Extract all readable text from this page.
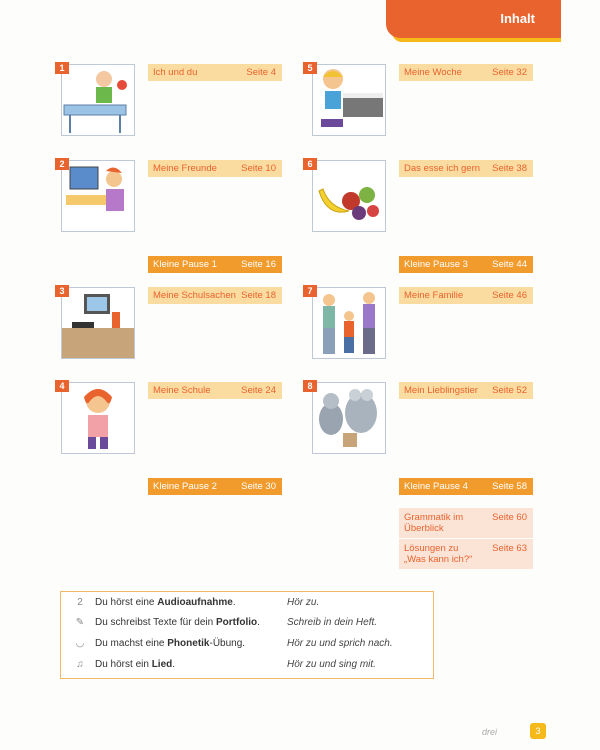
Inhalt
1	Ich und du	Seite 4
2	Meine Freunde	Seite 10
Kleine Pause 1	Seite 16
3	Meine Schulsachen Seite 18
4	Meine Schule	Seite 24
Kleine Pause 2	Seite 30
5	Meine Woche	Seite 32
6	Das esse ich gern Seite 38
Kleine Pause 3	Seite 44
7	Meine Familie	Seite 46
8	Mein Lieblingstier Seite 52
Kleine Pause 4	Seite 58
Grammatik im
Überblick
Seite 60
Lösungen zu
„Was kann ich?“
Seite 63
2	Du hörst eine Audioaufnahme.	Hör zu.
✎	Du schreibst Texte für dein Portfolio.	Schreib in dein Heft.
◡	Du machst eine Phonetik-Übung.	Hör zu und sprich nach.
♫	Du hörst ein Lied.	Hör zu und sing mit.
drei	3
